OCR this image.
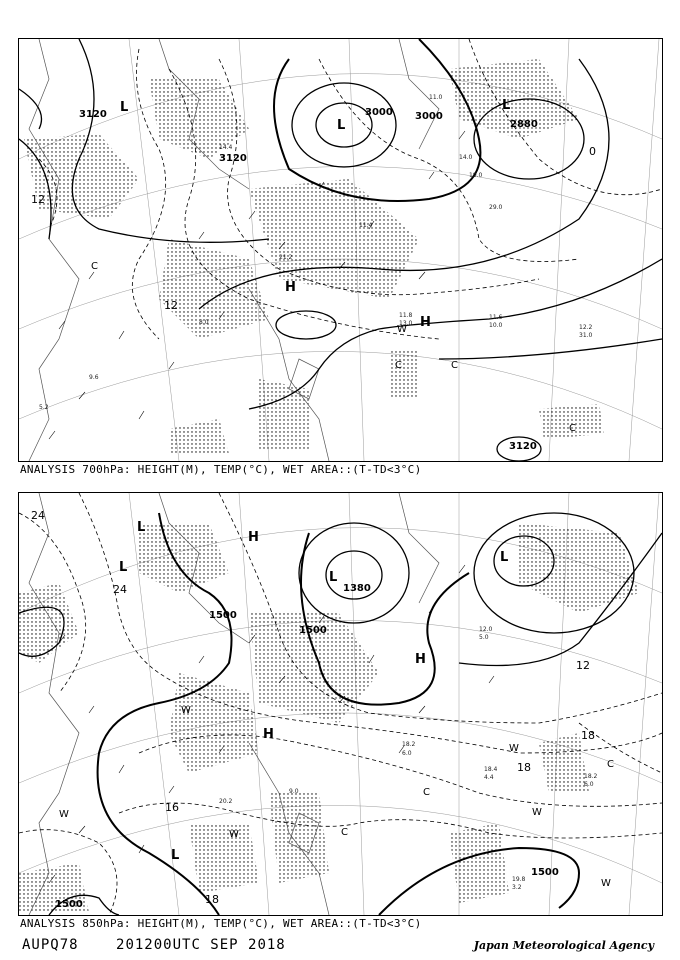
11.8
13.0
11.6
10.0	12.2
31.0
14.0
19.0
29.0
14.4
11.4
11.0
9.6
8.0
21.2
5.2
3120	3000 3000
2880
3120
3120
L
L
L
H
H
C
C	C
C
W
12
12
0
ANALYSIS 700hPa: HEIGHT(M), TEMP(°C), WET AREA::(T-TD<3°C)
18.4
4.4
18.2
6.0
19.8
3.2
20.2
18.2
6.0
12.0
5.0
9.0
1500
1500
1380
1500
1500
L
L
L
L
L
H
H
H
W
W
W
W
W
W
C
C
C
24
24
12
18
18
18
16
ANALYSIS 850hPa: HEIGHT(M), TEMP(°C), WET AREA::(T-TD<3°C)
AUPQ78	201200UTC SEP 2018	Japan Meteorological Agency
